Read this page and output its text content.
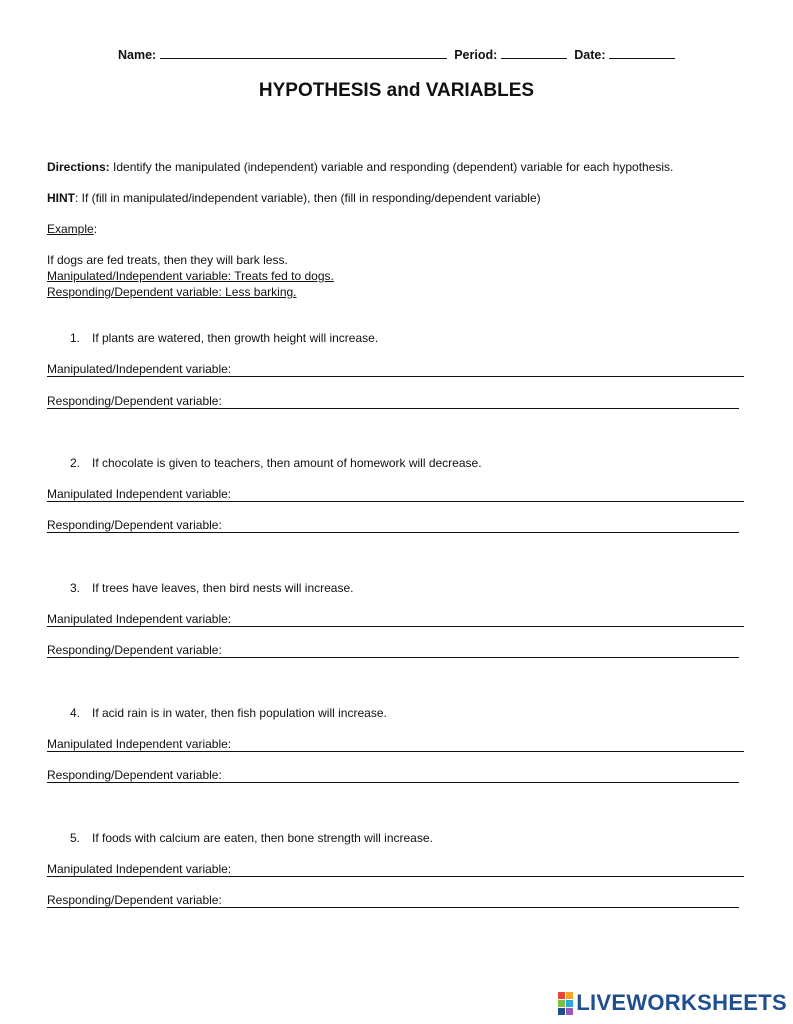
Name:	Period:	Date:
HYPOTHESIS and VARIABLES
Directions: Identify the manipulated (independent) variable and responding (dependent) variable for each hypothesis.
HINT: If (fill in manipulated/independent variable), then (fill in responding/dependent variable)
Example:
If dogs are fed treats, then they will bark less.
Manipulated/Independent variable: Treats fed to dogs.
Responding/Dependent variable: Less barking.
1. If plants are watered, then growth height will increase.
Manipulated/Independent variable:
Responding/Dependent variable:
2. If chocolate is given to teachers, then amount of homework will decrease.
Manipulated Independent variable:
Responding/Dependent variable:
3. If trees have leaves, then bird nests will increase.
Manipulated Independent variable:
Responding/Dependent variable:
4. If acid rain is in water, then fish population will increase.
Manipulated Independent variable:
Responding/Dependent variable:
5. If foods with calcium are eaten, then bone strength will increase.
Manipulated Independent variable:
Responding/Dependent variable:
LIVEWORKSHEETS
